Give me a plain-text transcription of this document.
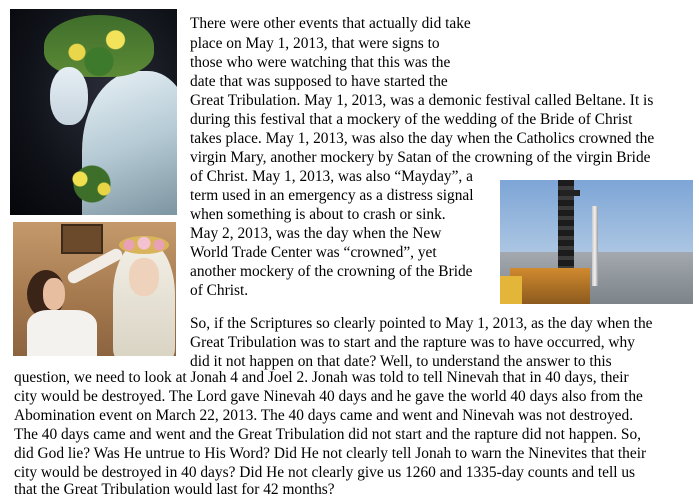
There were other events that actually did take
place on May 1, 2013, that were signs to
those who were watching that this was the
date that was supposed to have started the
Great Tribulation. May 1, 2013, was a demonic festival called Beltane. It is
during this festival that a mockery of the wedding of the Bride of Christ
takes place. May 1, 2013, was also the day when the Catholics crowned the
virgin Mary, another mockery by Satan of the crowning of the virgin Bride
of Christ. May 1, 2013, was also “Mayday”, a
term used in an emergency as a distress signal
when something is about to crash or sink.
May 2, 2013, was the day when the New
World Trade Center was “crowned”, yet
another mockery of the crowning of the Bride
of Christ.
So, if the Scriptures so clearly pointed to May 1, 2013, as the day when the
Great Tribulation was to start and the rapture was to have occurred, why
did it not happen on that date? Well, to understand the answer to this
question, we need to look at Jonah 4 and Joel 2. Jonah was told to tell Ninevah that in 40 days, their
city would be destroyed. The Lord gave Ninevah 40 days and he gave the world 40 days also from the
Abomination event on March 22, 2013. The 40 days came and went and Ninevah was not destroyed.
The 40 days came and went and the Great Tribulation did not start and the rapture did not happen. So,
did God lie? Was He untrue to His Word? Did He not clearly tell Jonah to warn the Ninevites that their
city would be destroyed in 40 days? Did He not clearly give us 1260 and 1335-day counts and tell us
that the Great Tribulation would last for 42 months?
